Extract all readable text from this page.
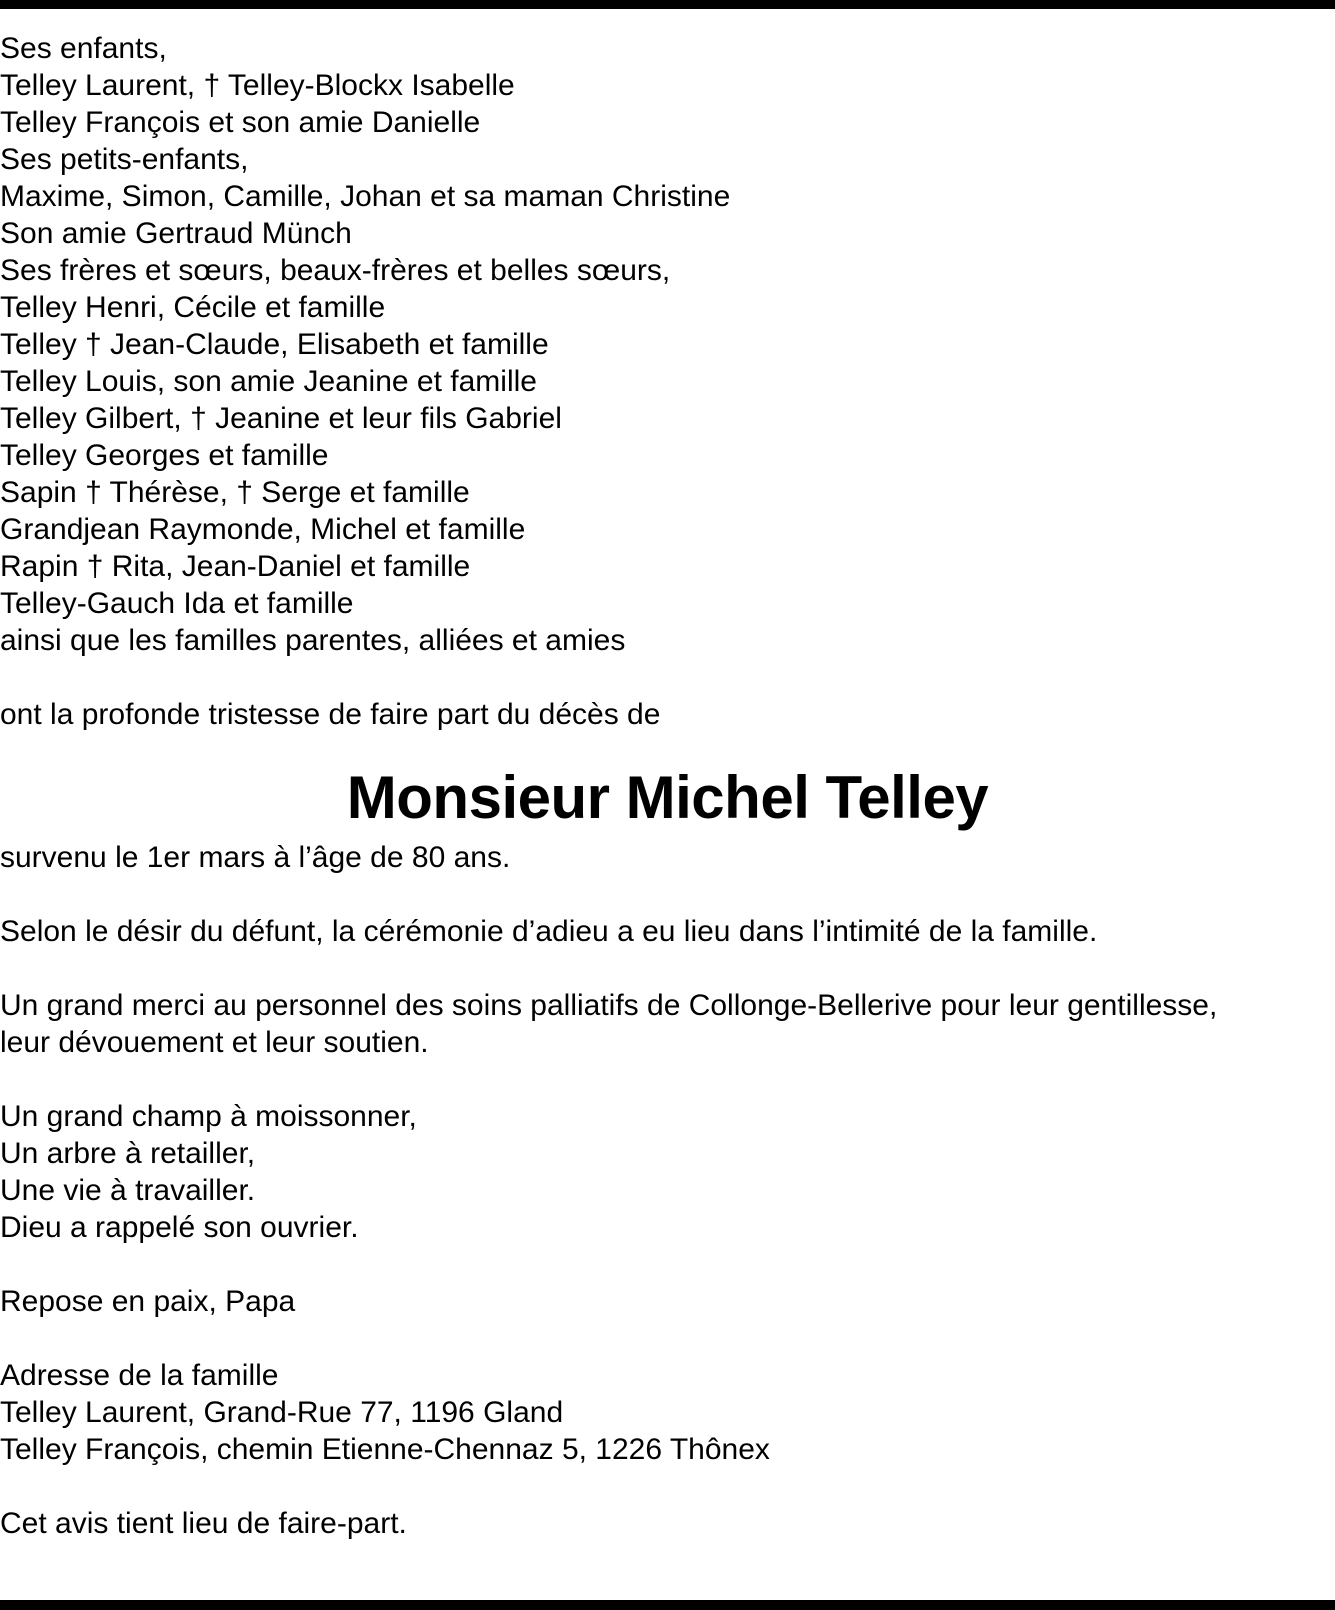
Ses enfants,
Telley Laurent, † Telley-Blockx Isabelle
Telley François et son amie Danielle
Ses petits-enfants,
Maxime, Simon, Camille, Johan et sa maman Christine
Son amie Gertraud Münch
Ses frères et sœurs, beaux-frères et belles sœurs,
Telley Henri, Cécile et famille
Telley † Jean-Claude, Elisabeth et famille
Telley Louis, son amie Jeanine et famille
Telley Gilbert, † Jeanine et leur fils Gabriel
Telley Georges et famille
Sapin † Thérèse, † Serge et famille
Grandjean Raymonde, Michel et famille
Rapin † Rita, Jean-Daniel et famille
Telley-Gauch Ida et famille
ainsi que les familles parentes, alliées et amies
ont la profonde tristesse de faire part du décès de
Monsieur Michel Telley
survenu le 1er mars à l’âge de 80 ans.
Selon le désir du défunt, la cérémonie d’adieu a eu lieu dans l’intimité de la famille.
Un grand merci au personnel des soins palliatifs de Collonge-Bellerive pour leur gentillesse,
leur dévouement et leur soutien.
Un grand champ à moissonner,
Un arbre à retailler,
Une vie à travailler.
Dieu a rappelé son ouvrier.
Repose en paix, Papa
Adresse de la famille
Telley Laurent, Grand-Rue 77, 1196 Gland
Telley François, chemin Etienne-Chennaz 5, 1226 Thônex
Cet avis tient lieu de faire-part.
